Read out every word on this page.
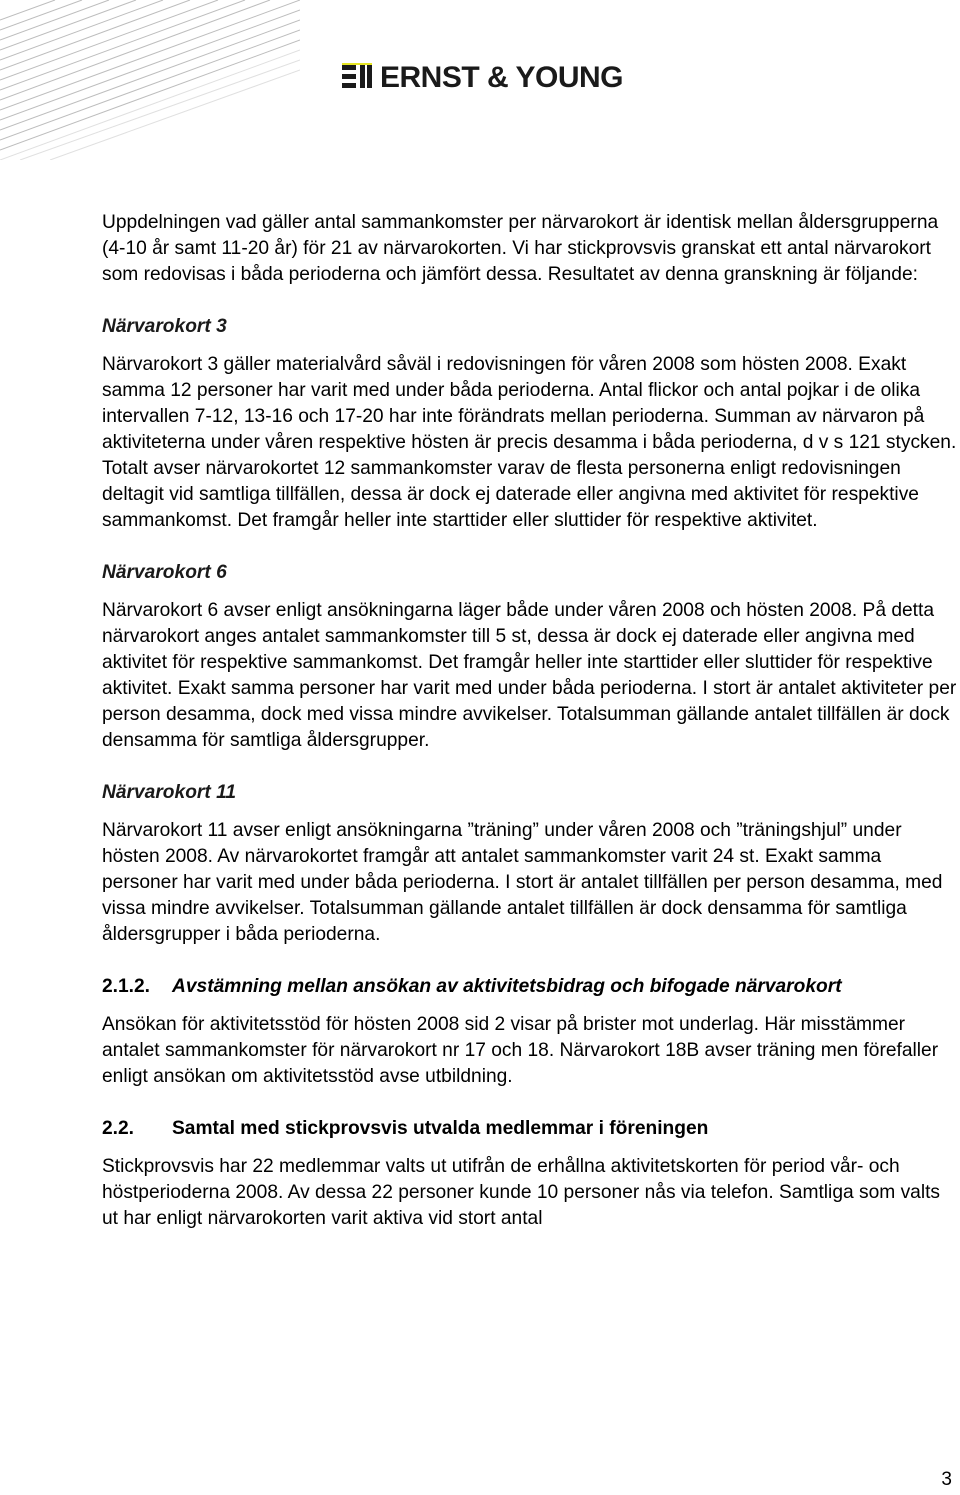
ERNST & YOUNG

Uppdelningen vad gäller antal sammankomster per närvarokort är identisk mellan åldersgrupperna (4-10 år samt 11-20 år) för 21 av närvarokorten. Vi har stickprovsvis granskat ett antal närvarokort som redovisas i båda perioderna och jämfört dessa. Resultatet av denna granskning är följande:

Närvarokort 3

Närvarokort 3 gäller materialvård såväl i redovisningen för våren 2008 som hösten 2008. Exakt samma 12 personer har varit med under båda perioderna. Antal flickor och antal pojkar i de olika intervallen 7-12, 13-16 och 17-20 har inte förändrats mellan perioderna. Summan av närvaron på aktiviteterna under våren respektive hösten är precis desamma i båda perioderna, d v s 121 stycken. Totalt avser närvarokortet 12 sammankomster varav de flesta personerna enligt redovisningen deltagit vid samtliga tillfällen, dessa är dock ej daterade eller angivna med aktivitet för respektive sammankomst. Det framgår heller inte starttider eller sluttider för respektive aktivitet.

Närvarokort 6

Närvarokort 6 avser enligt ansökningarna läger både under våren 2008 och hösten 2008. På detta närvarokort anges antalet sammankomster till 5 st, dessa är dock ej daterade eller angivna med aktivitet för respektive sammankomst. Det framgår heller inte starttider eller sluttider för respektive aktivitet. Exakt samma personer har varit med under båda perioderna. I stort är antalet aktiviteter per person desamma, dock med vissa mindre avvikelser. Totalsumman gällande antalet tillfällen är dock densamma för samtliga åldersgrupper.

Närvarokort 11

Närvarokort 11 avser enligt ansökningarna ”träning” under våren 2008 och ”träningshjul” under hösten 2008. Av närvarokortet framgår att antalet sammankomster varit 24 st. Exakt samma personer har varit med under båda perioderna. I stort är antalet tillfällen per person desamma, med vissa mindre avvikelser. Totalsumman gällande antalet tillfällen är dock densamma för samtliga åldersgrupper i båda perioderna.

2.1.2. Avstämning mellan ansökan av aktivitetsbidrag och bifogade närvarokort

Ansökan för aktivitetsstöd för hösten 2008 sid 2 visar på brister mot underlag. Här misstämmer antalet sammankomster för närvarokort nr 17 och 18. Närvarokort 18B avser träning men förefaller enligt ansökan om aktivitetsstöd avse utbildning.

2.2. Samtal med stickprovsvis utvalda medlemmar i föreningen

Stickprovsvis har 22 medlemmar valts ut utifrån de erhållna aktivitetskorten för period vår- och höstperioderna 2008. Av dessa 22 personer kunde 10 personer nås via telefon. Samtliga som valts ut har enligt närvarokorten varit aktiva vid stort antal

3
